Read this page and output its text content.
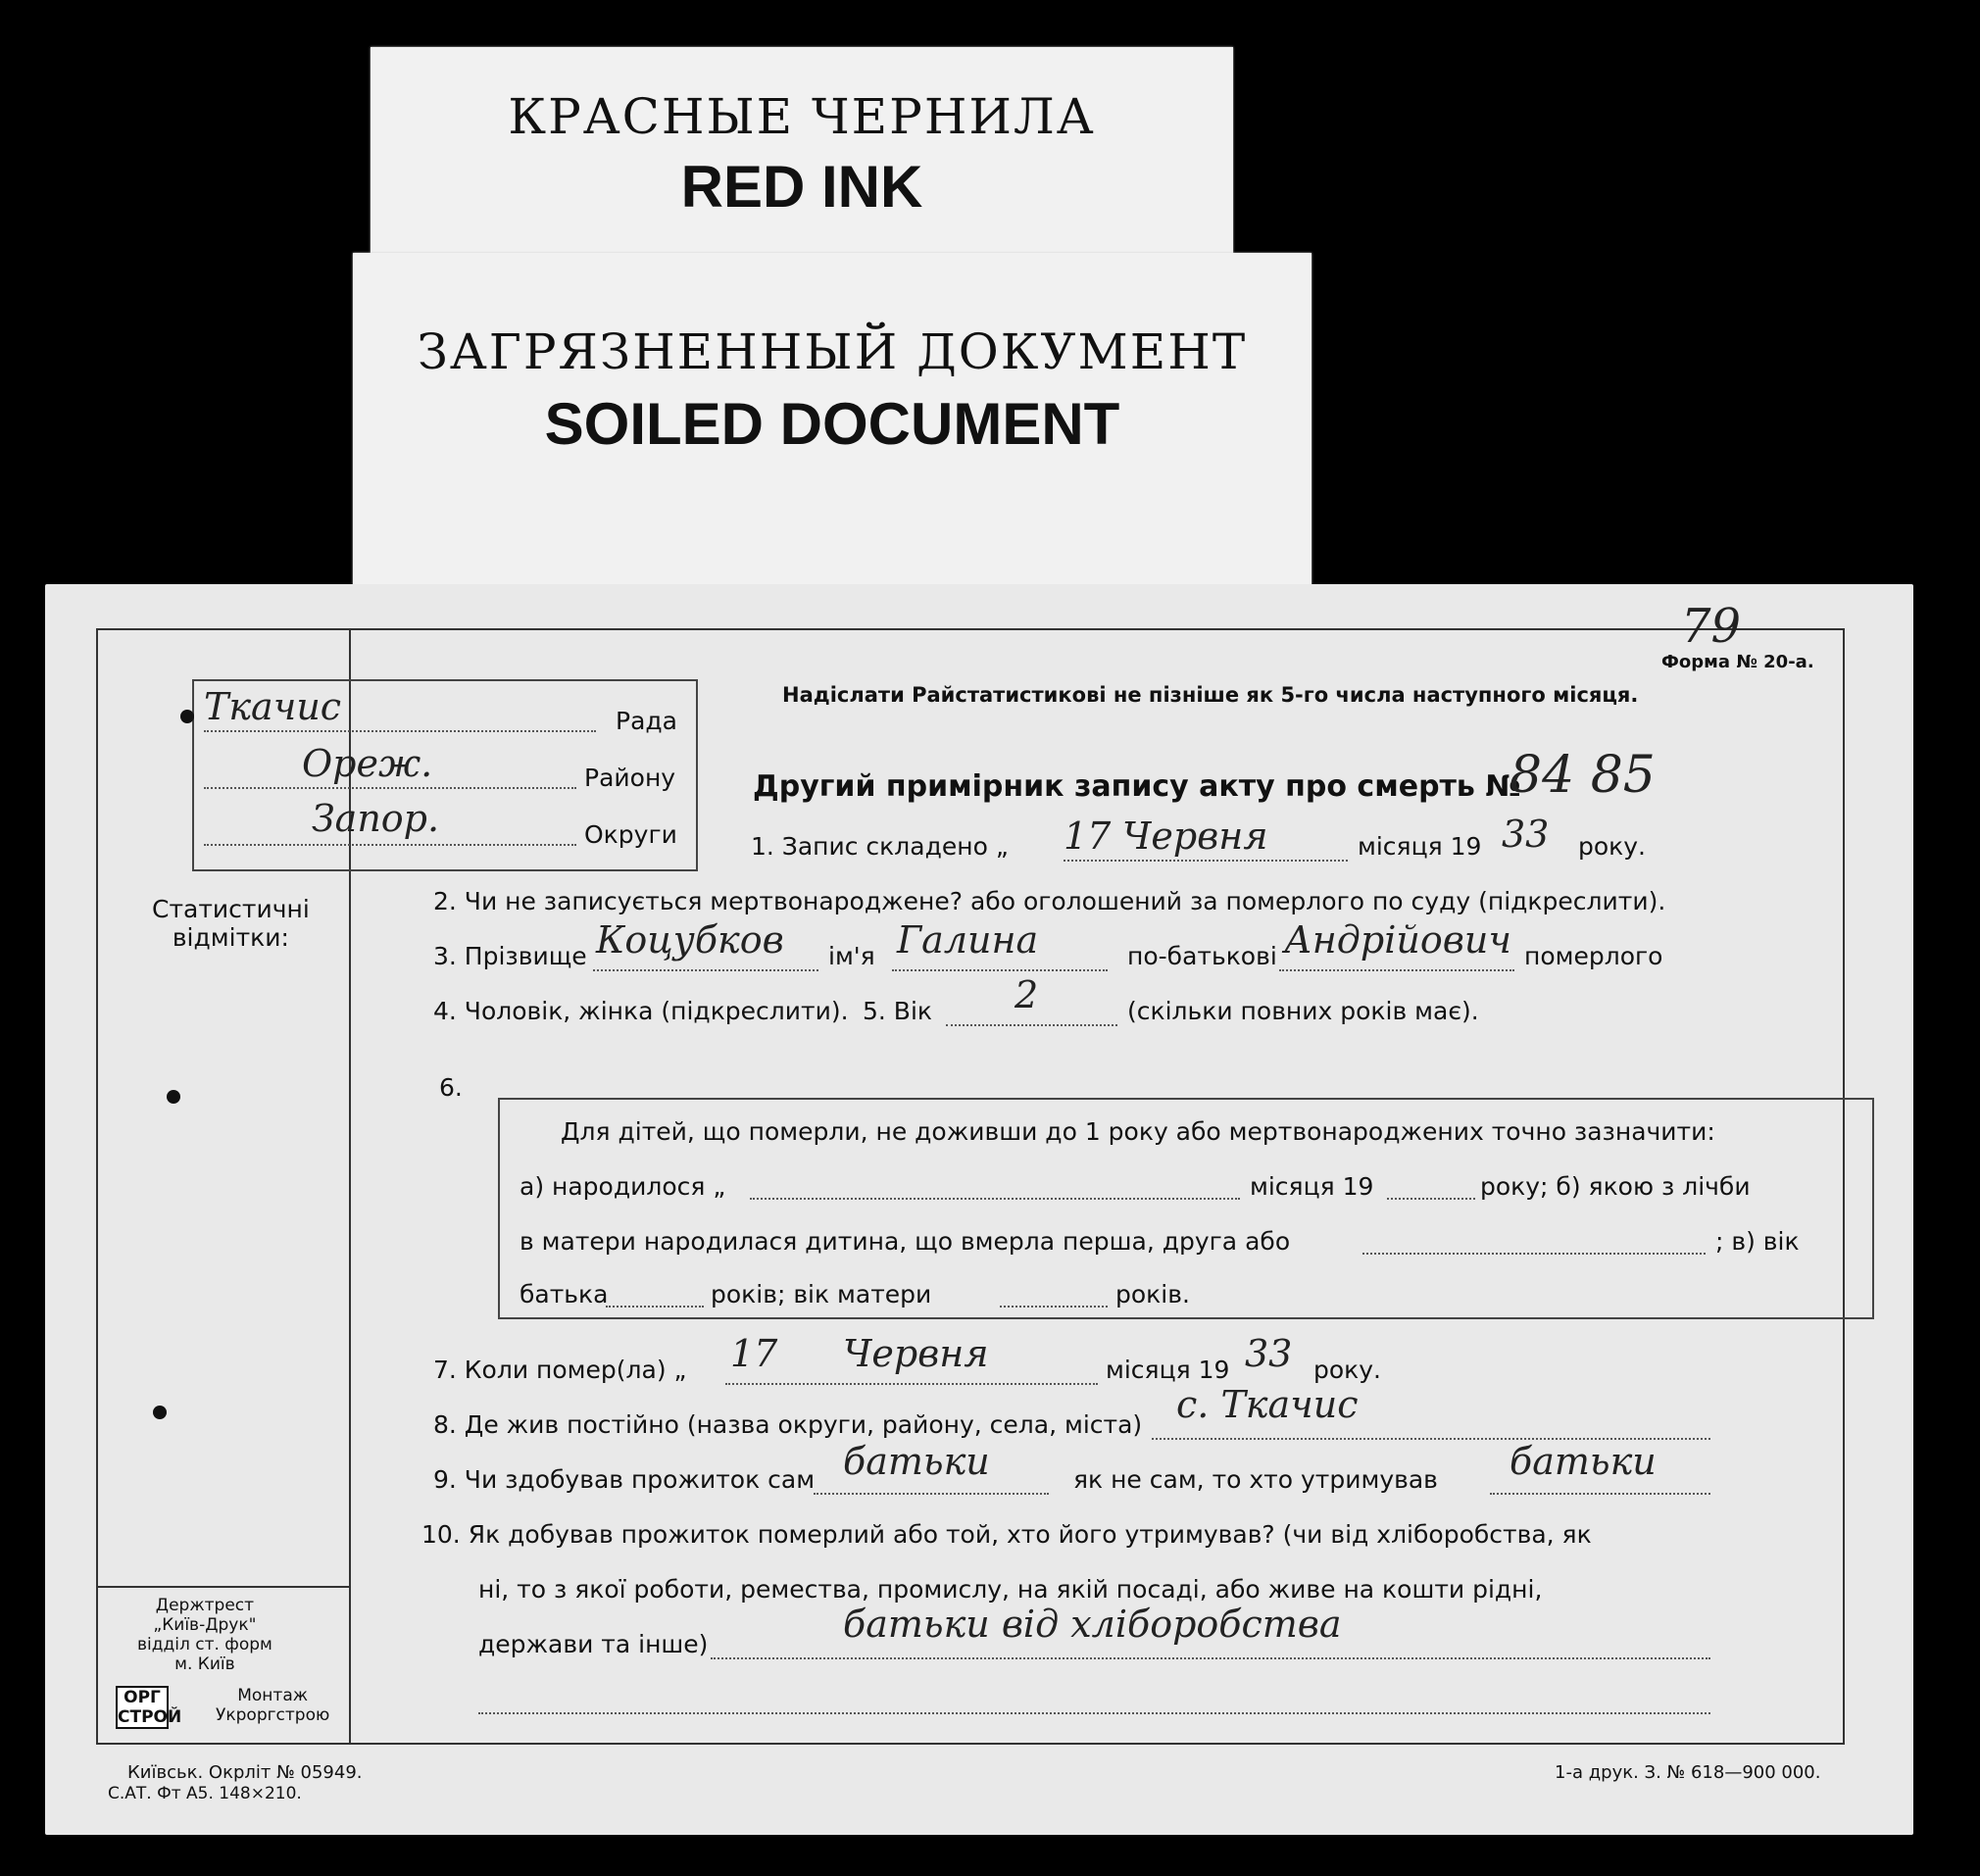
КРАСНЫЕ ЧЕРНИЛА
RED INK
ЗАГРЯЗНЕННЫЙ ДОКУМЕНТ
SOILED DOCUMENT
Статистичні
відмітки:
Держтрест
„Київ-Друк"
відділ ст. форм
м. Київ
ОРГ
СТРОЙ
Монтаж
Укроргстрою
С.АТ. Фт А5. 148×210.
Ткачис	Рада
Ореж.	Району
Запор.	Округи
79
Форма № 20-а.
Надіслати Райстатистикові не пізніше як 5-го числа наступного місяця.
Другий примірник запису акту про смерть №
84 85
1. Запис складено „ 17 Червня	місяця 19 33 року.
2. Чи не записується мертвонароджене? або оголошений за померлого по суду (підкреслити).
3. Прізвище Коцубков ім'я Галина	по-батькові Андрійович померлого
4. Чоловік, жінка (підкреслити). 5. Вік 2	(скільки повних років має).
6.
Для дітей, що померли, не доживши до 1 року або мертвонароджених точно зазначити:
а) народилося „	місяця 19	року; б) якою з лічби
в матери народилася дитина, що вмерла перша, друга або	; в) вік
батька	років; вік матери	років.
7. Коли помер(ла) „ 17 Червня	місяця 19 33 року.
8. Де жив постійно (назва округи, району, села, міста) с. Ткачис
9. Чи здобував прожиток сам батьки	як не сам, то хто утримував батьки
10. Як добував прожиток померлий або той, хто його утримував? (чи від хліборобства, як
ні, то з якої роботи, ремества, промислу, на якій посаді, або живе на кошти рідні,
держави та інше)	батьки від хліборобства
Київськ. Окрліт № 05949.	1-а друк. З. № 618—900 000.
